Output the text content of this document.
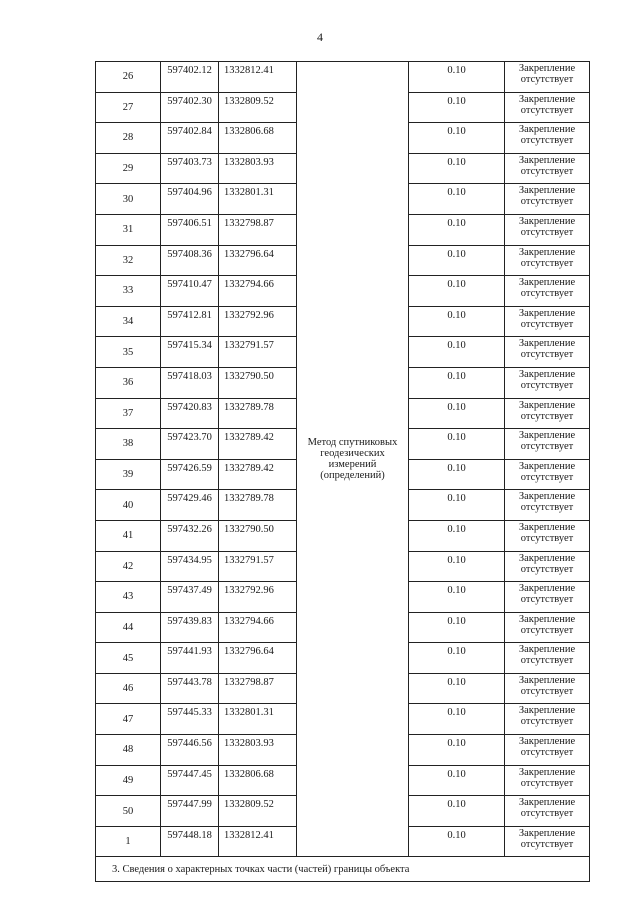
4
26	597402.12	1332812.41	Метод спутниковых геодезических измерений (определений)	0.10	Закрепление отсутствует
27	597402.30	1332809.52		0.10	Закрепление отсутствует
28	597402.84	1332806.68		0.10	Закрепление отсутствует
29	597403.73	1332803.93		0.10	Закрепление отсутствует
30	597404.96	1332801.31		0.10	Закрепление отсутствует
31	597406.51	1332798.87		0.10	Закрепление отсутствует
32	597408.36	1332796.64		0.10	Закрепление отсутствует
33	597410.47	1332794.66		0.10	Закрепление отсутствует
34	597412.81	1332792.96		0.10	Закрепление отсутствует
35	597415.34	1332791.57		0.10	Закрепление отсутствует
36	597418.03	1332790.50		0.10	Закрепление отсутствует
37	597420.83	1332789.78		0.10	Закрепление отсутствует
38	597423.70	1332789.42		0.10	Закрепление отсутствует
39	597426.59	1332789.42		0.10	Закрепление отсутствует
40	597429.46	1332789.78		0.10	Закрепление отсутствует
41	597432.26	1332790.50		0.10	Закрепление отсутствует
42	597434.95	1332791.57		0.10	Закрепление отсутствует
43	597437.49	1332792.96		0.10	Закрепление отсутствует
44	597439.83	1332794.66		0.10	Закрепление отсутствует
45	597441.93	1332796.64		0.10	Закрепление отсутствует
46	597443.78	1332798.87		0.10	Закрепление отсутствует
47	597445.33	1332801.31		0.10	Закрепление отсутствует
48	597446.56	1332803.93		0.10	Закрепление отсутствует
49	597447.45	1332806.68		0.10	Закрепление отсутствует
50	597447.99	1332809.52		0.10	Закрепление отсутствует
1	597448.18	1332812.41		0.10	Закрепление отсутствует
3. Сведения о характерных точках части (частей) границы объекта					
